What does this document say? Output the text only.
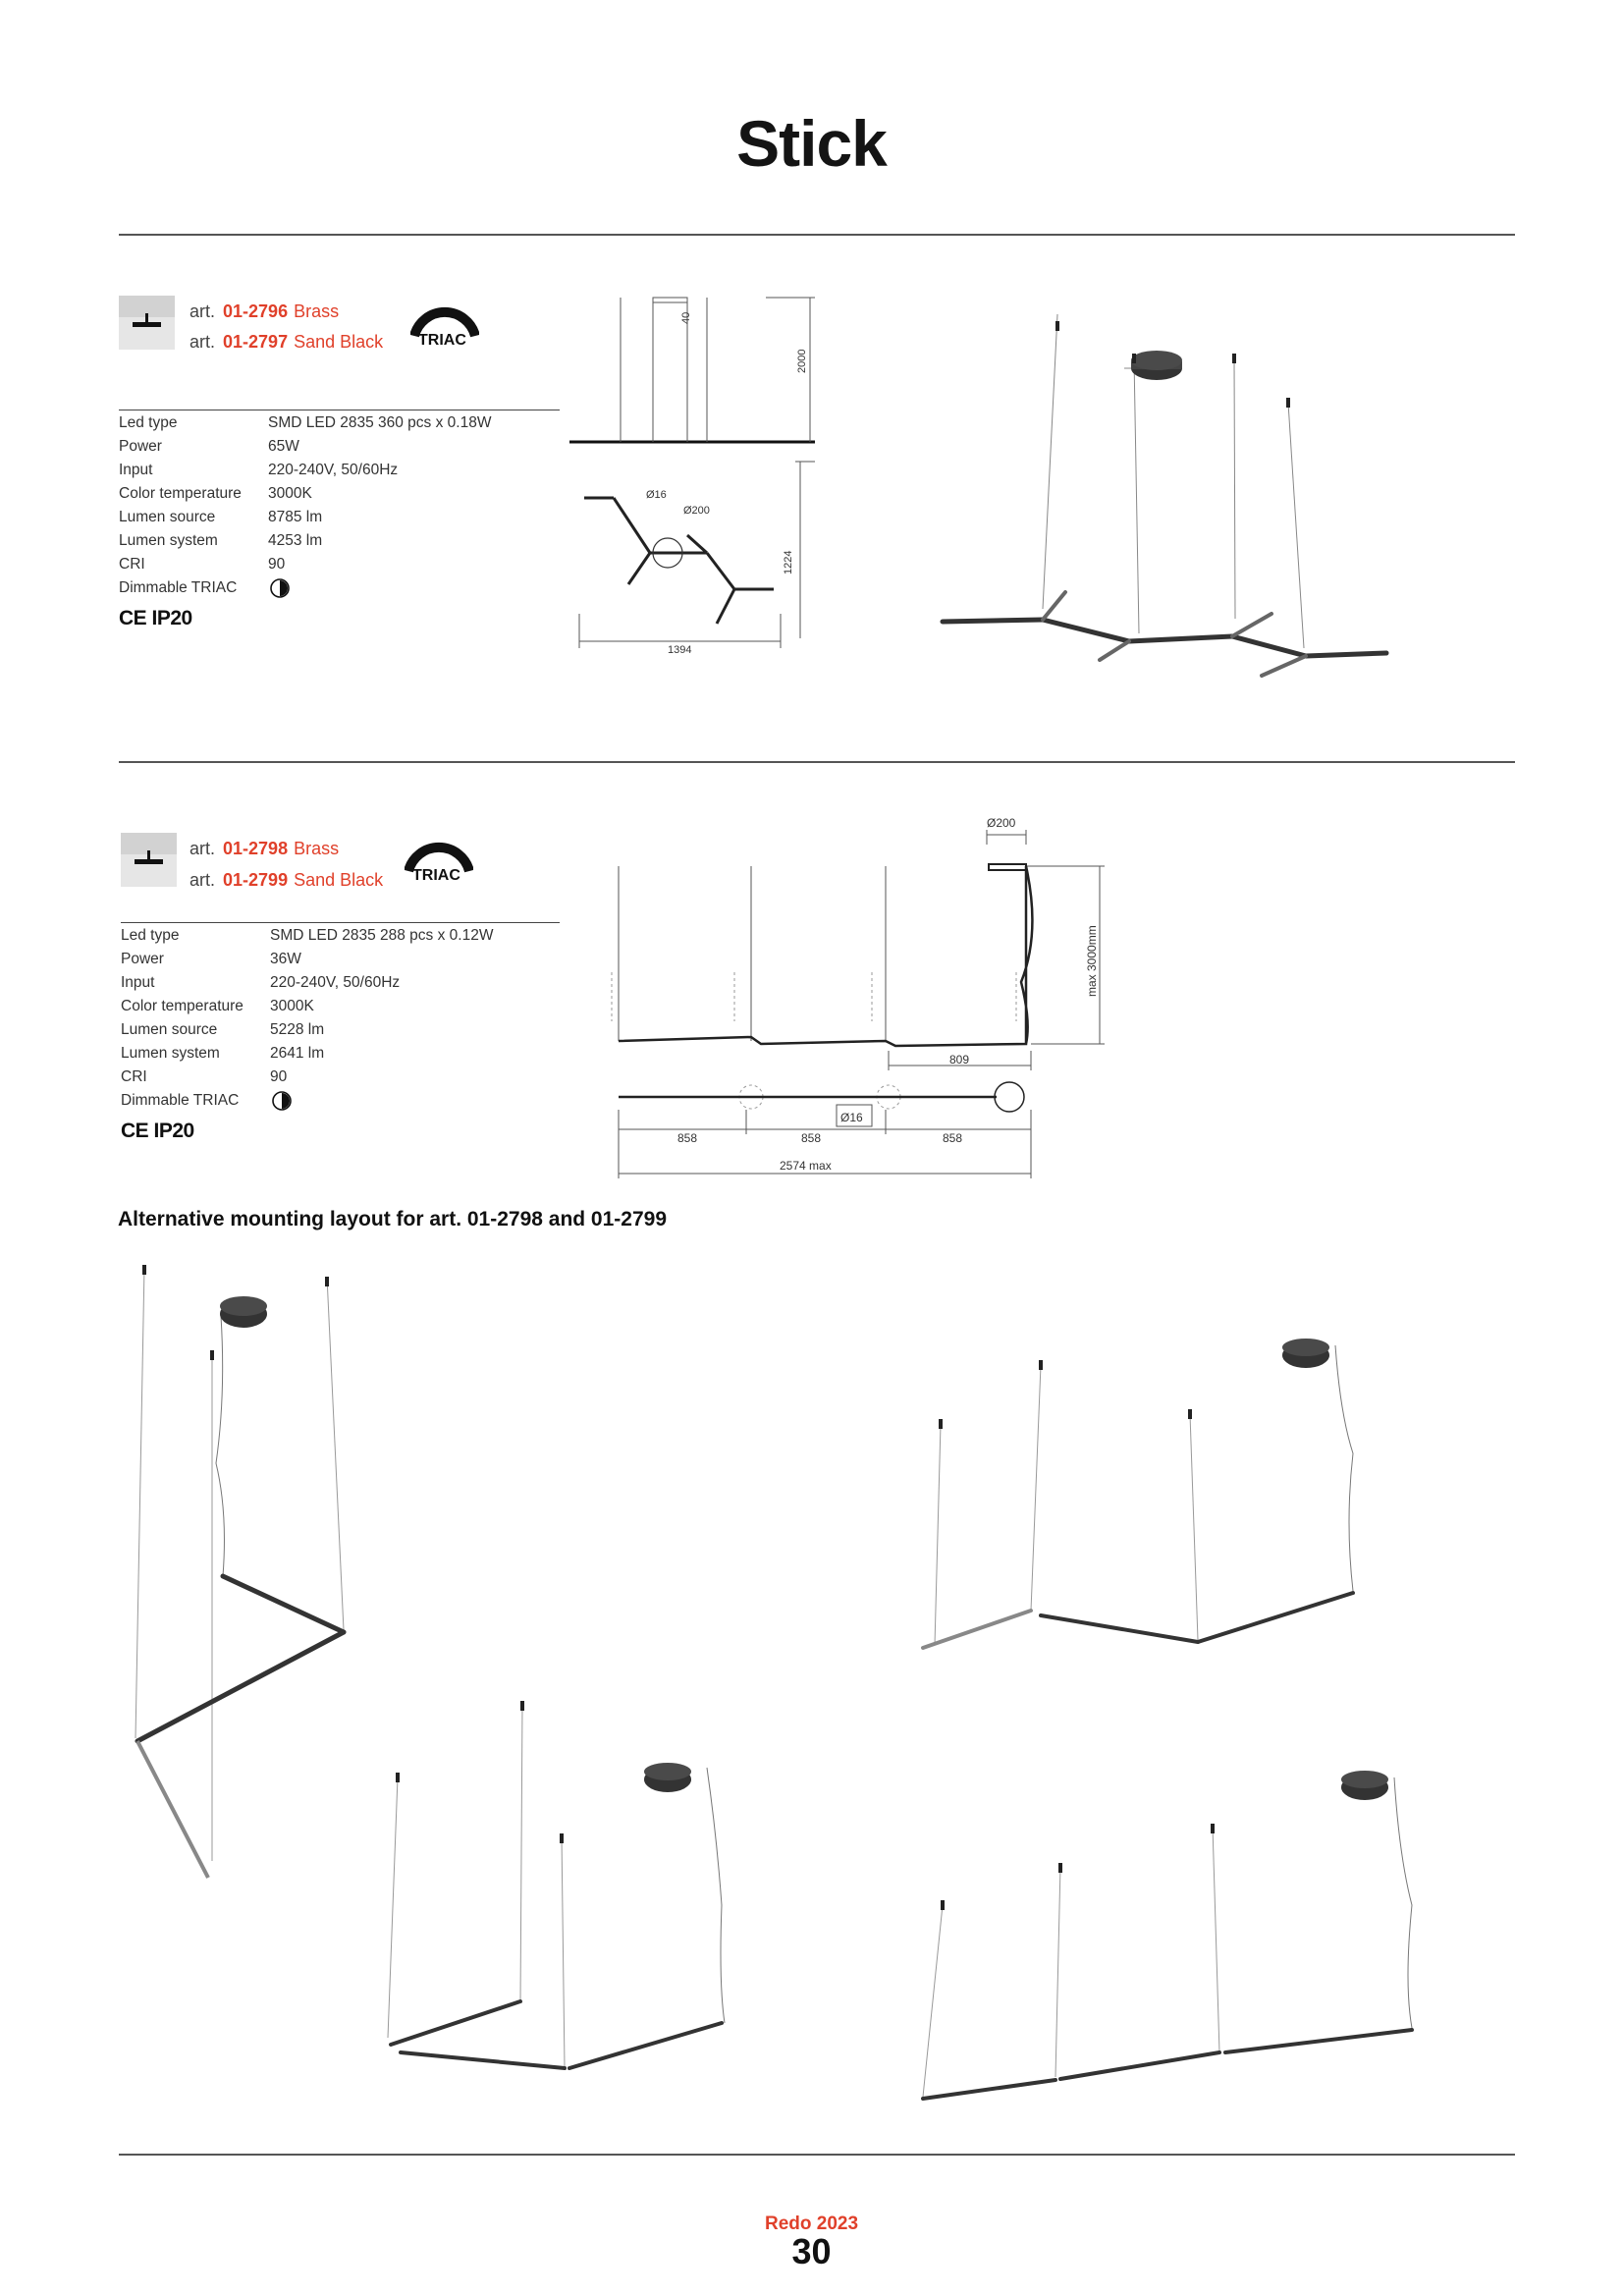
Stick
art. 01-2796 Brass
art. 01-2797 Sand Black TRIAC
Led type	SMD LED 2835 360 pcs x 0.18W
Power	65W
Input	220-240V, 50/60Hz
Color temperature	3000K
Lumen source	8785 lm
Lumen system	4253 lm
CRI	90
Dimmable TRIAC
CE IP20
Ø16
Ø200
40
2000
1224
1394
art. 01-2798 Brass
art. 01-2799 Sand Black TRIAC
Led type	SMD LED 2835 288 pcs x 0.12W
Power	36W
Input	220-240V, 50/60Hz
Color temperature	3000K
Lumen source	5228 lm
Lumen system	2641 lm
CRI	90
Dimmable TRIAC
CE IP20
Ø200
max 3000mm
809
Ø16
858	858	858
2574 max
Alternative mounting layout for art. 01-2798 and 01-2799
Redo 2023
30
